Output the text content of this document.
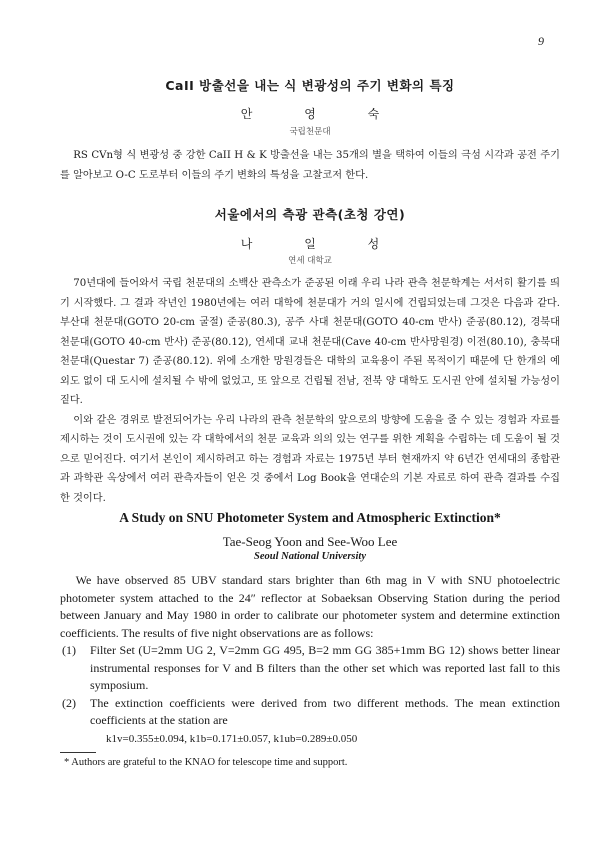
9
CaII 방출선을 내는 식 변광성의 주기 변화의 특징
안 영 숙
국립천문대

RS CVn형 식 변광성 중 강한 CaII H & K 방출선을 내는 35개의 별을 택하여 이들의 극섬 시각과 공전 주기를 알아보고 O-C 도로부터 이들의 주기 변화의 특성을 고찰코저 한다.

서울에서의 측광 관측(초청 강연)
나 일 성
연세 대학교

70년대에 들어와서 국립 천문대의 소백산 관측소가 준공된 이래 우리 나라 관측 천문학계는 서서히 활기를 띄기 시작했다. 그 결과 작년인 1980년에는 여러 대학에 천문대가 거의 일시에 건립되었는데 그것은 다음과 같다. 부산대 천문대(GOTO 20-cm 굴절) 준공(80.3), 공주 사대 천문대(GOTO 40-cm 반사) 준공(80.12), 경북대 천문대(GOTO 40-cm 반사) 준공(80.12), 연세대 교내 천문대(Cave 40-cm 반사망원경) 이전(80.10), 충북대 천문대(Questar 7) 준공(80.12). 위에 소개한 망원경들은 대학의 교육용이 주된 목적이기 때문에 단 한개의 예외도 없이 대 도시에 설치될 수 밖에 없었고, 또 앞으로 건립될 전남, 전북 양 대학도 도시권 안에 설치될 가능성이 짙다.

이와 같은 경위로 발전되어가는 우리 나라의 관측 천문학의 앞으로의 방향에 도움을 줄 수 있는 경험과 자료를 제시하는 것이 도시권에 있는 각 대학에서의 천문 교육과 의의 있는 연구를 위한 계획을 수립하는 데 도움이 될 것으로 믿어진다. 여기서 본인이 제시하려고 하는 경험과 자료는 1975년 부터 현재까지 약 6년간 연세대의 종합관과 과학관 옥상에서 여러 관측자들이 얻은 것 중에서 Log Book을 연대순의 기본 자료로 하여 관측 결과를 수집한 것이다.

A Study on SNU Photometer System and Atmospheric Extinction*
Tae-Seog Yoon and See-Woo Lee
Seoul National University

We have observed 85 UBV standard stars brighter than 6th mag in V with SNU photoelectric photometer system attached to the 24″ reflector at Sobaeksan Observing Station during the period between January and May 1980 in order to calibrate our photometer system and determine extinction coefficients. The results of five night observations are as follows:

(1)	Filter Set (U=2mm UG 2, V=2mm GG 495, B=2 mm GG 385+1mm BG 12) shows better linear instrumental responses for V and B filters than the other set which was reported last fall to this symposium.
(2)	The extinction coefficients were derived from two different methods. The mean extinction coefficients at the station are
k1v=0.355±0.094, k1b=0.171±0.057, k1ub=0.289±0.050
* Authors are grateful to the KNAO for telescope time and support.
